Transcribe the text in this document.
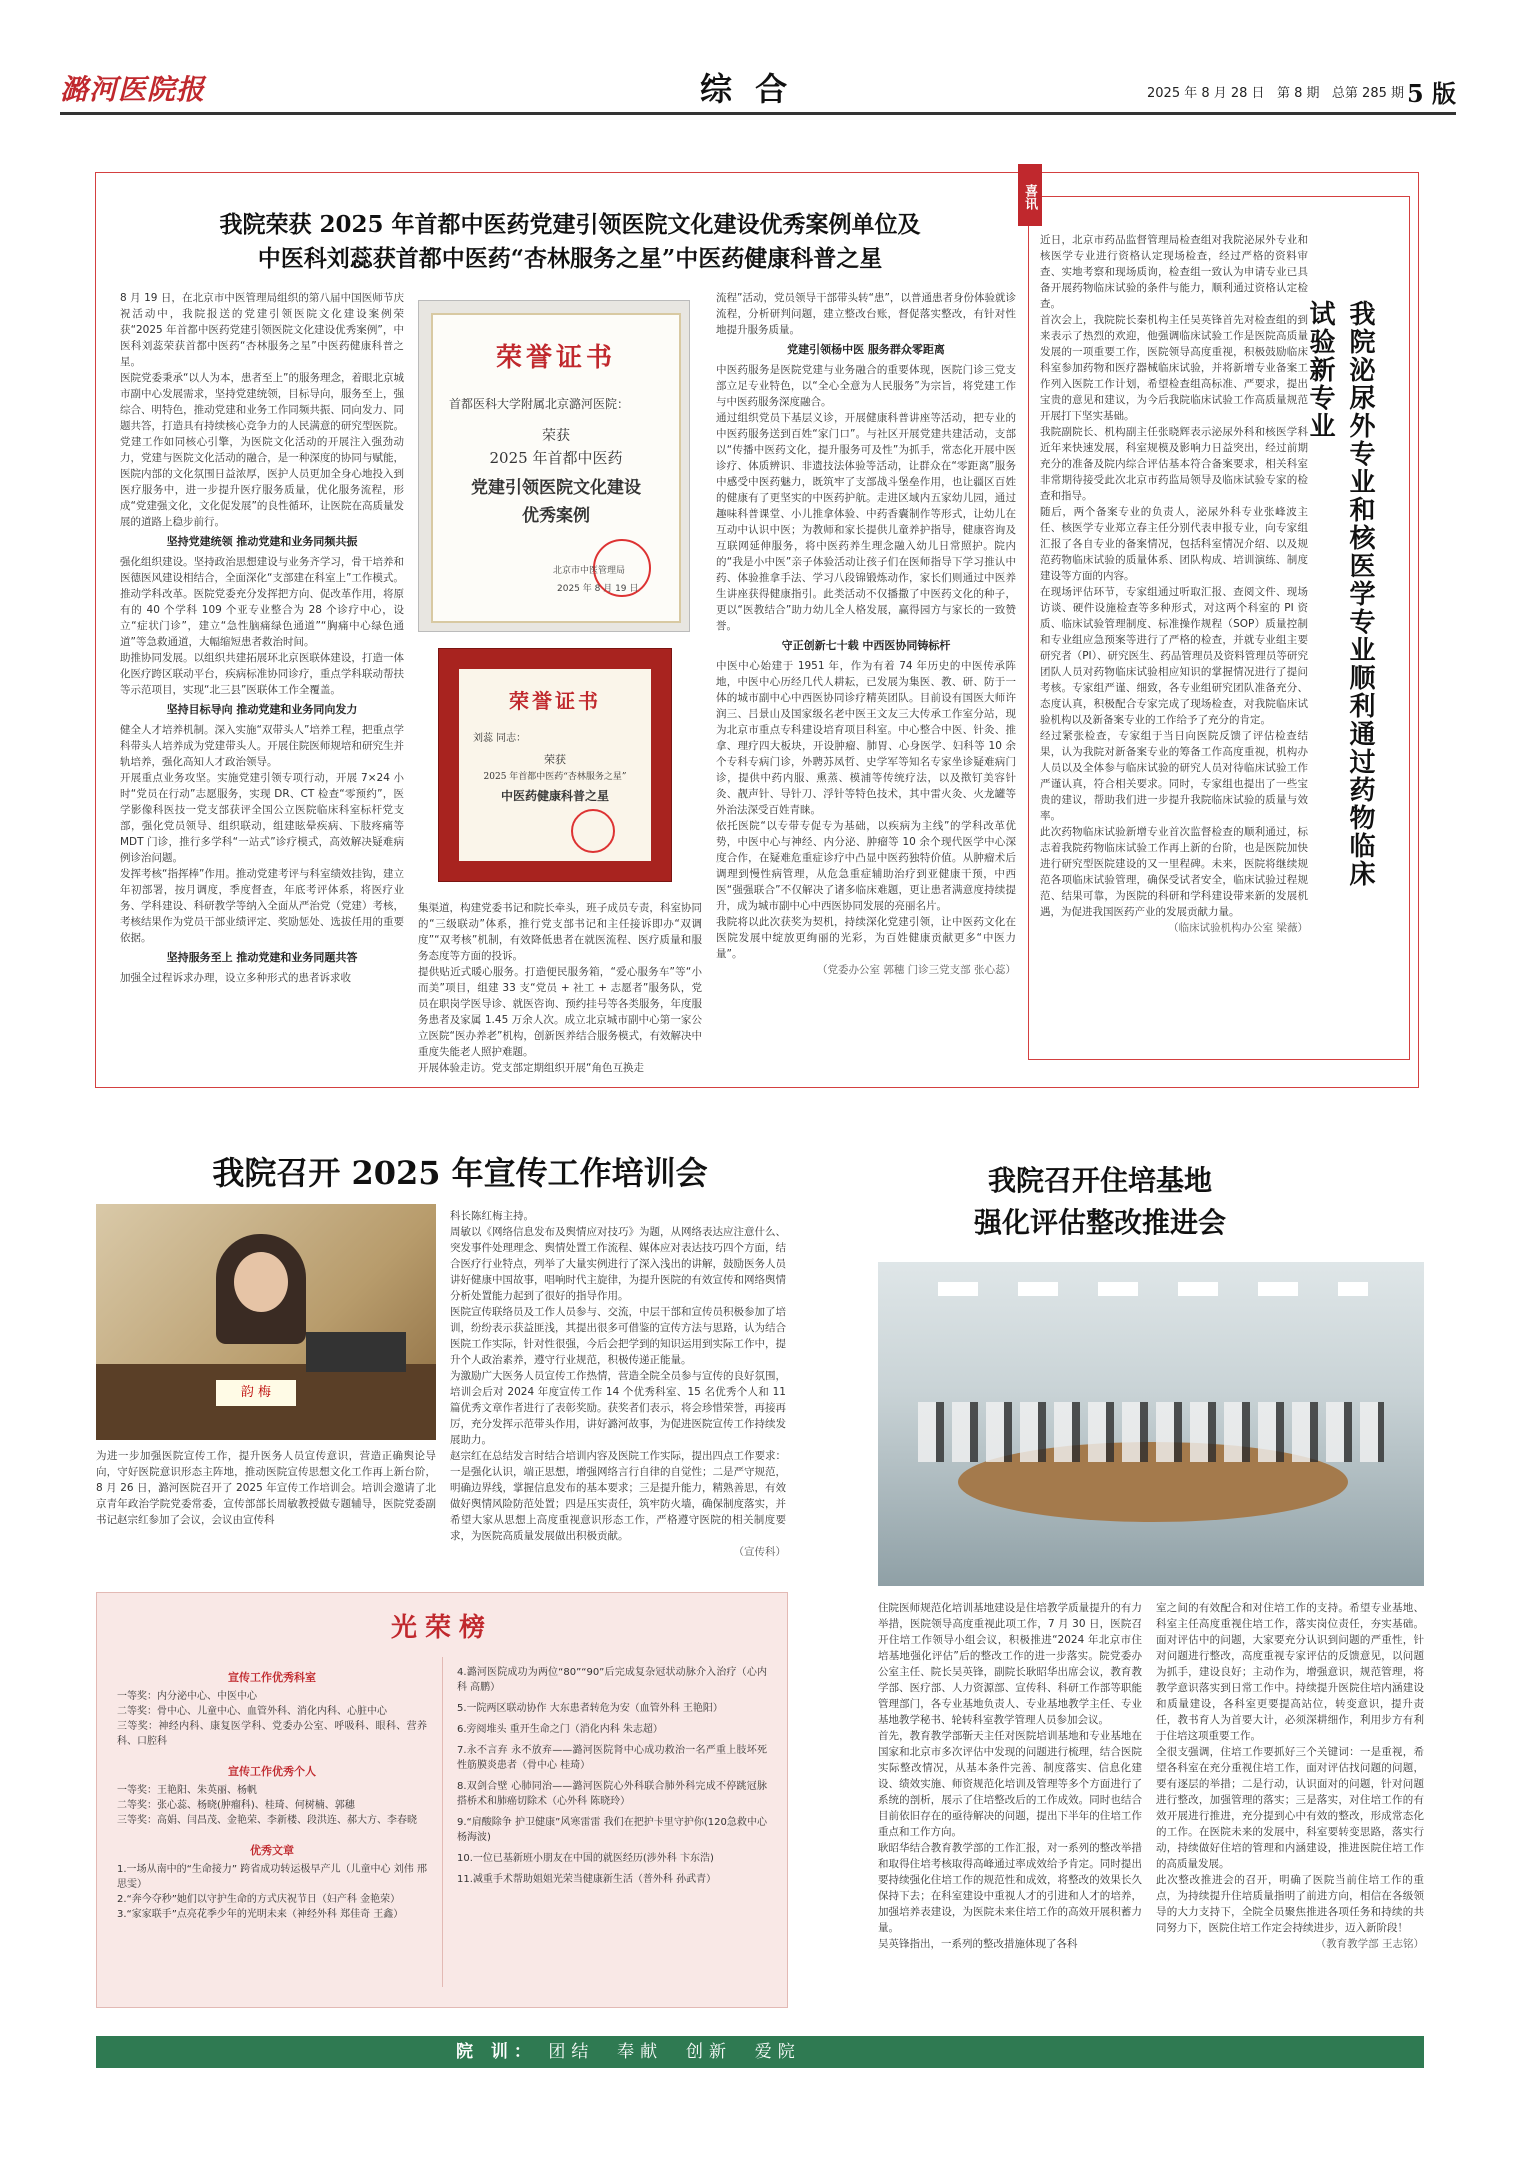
潞河医院报	综 合	2025 年 8 月 28 日 第 8 期 总第 285 期 5 版
我院荣获 2025 年首都中医药党建引领医院文化建设优秀案例单位及
中医科刘蕊获首都中医药“杏林服务之星”中医药健康科普之星
8 月 19 日，在北京市中医管理局组织的第八届中国医师节庆祝活动中，我院报送的党建引领医院文化建设案例荣获“2025 年首都中医药党建引领医院文化建设优秀案例”，中医科刘蕊荣获首都中医药“杏林服务之星”中医药健康科普之星。
医院党委秉承“以人为本，患者至上”的服务理念，着眼北京城市副中心发展需求，坚持党建统领，目标导向，服务至上，强综合、明特色，推动党建和业务工作同频共振、同向发力、同题共答，打造具有持续核心竞争力的人民满意的研究型医院。党建工作如同核心引擎，为医院文化活动的开展注入强劲动力，党建与医院文化活动的融合，是一种深度的协同与赋能，医院内部的文化氛围日益浓厚，医护人员更加全身心地投入到医疗服务中，进一步提升医疗服务质量，优化服务流程，形成“党建强文化，文化促发展”的良性循环，让医院在高质量发展的道路上稳步前行。
坚持党建统领 推动党建和业务同频共振
强化组织建设。坚持政治思想建设与业务齐学习，骨干培养和医德医风建设相结合，全面深化“支部建在科室上”工作模式。
推动学科改革。医院党委充分发挥把方向、促改革作用，将原有的 40 个学科 109 个亚专业整合为 28 个诊疗中心，设立“症状门诊”，建立“急性脑痛绿色通道”“胸痛中心绿色通道”等急救通道，大幅缩短患者救治时间。
助推协同发展。以组织共建拓展环北京医联体建设，打造一体化医疗跨区联动平台，疾病标准协同诊疗，重点学科联动帮扶等示范项目，实现“北三县”医联体工作全覆盖。
坚持目标导向 推动党建和业务同向发力
健全人才培养机制。深入实施“双带头人”培养工程，把重点学科带头人培养成为党建带头人。开展住院医师规培和研究生并轨培养，强化高知人才政治领导。
开展重点业务攻坚。实施党建引领专项行动，开展 7×24 小时“党员在行动”志愿服务，实现 DR、CT 检查“零预约”，医学影像科医技一党支部获评全国公立医院临床科室标杆党支部，强化党员领导、组织联动，组建眩晕疾病、下肢疼痛等 MDT 门诊，推行多学科“一站式”诊疗模式，高效解决疑难病例诊治问题。
发挥考核“指挥棒”作用。推动党建考评与科室绩效挂钩，建立年初部署，按月调度，季度督查，年底考评体系，将医疗业务、学科建设、科研教学等纳入全面从严治党（党建）考核，考核结果作为党员干部业绩评定、奖励惩处、选拔任用的重要依据。
坚持服务至上 推动党建和业务同题共答
加强全过程诉求办理，设立多种形式的患者诉求收
荣誉证书
首都医科大学附属北京潞河医院：
荣获
2025 年首都中医药
党建引领医院文化建设
优秀案例
北京市中医管理局
2025 年 8 月 19 日
荣誉证书
刘蕊 同志：
荣获
2025 年首都中医药“杏林服务之星”
中医药健康科普之星
集渠道，构建党委书记和院长牵头，班子成员专责，科室协同的“三级联动”体系，推行党支部书记和主任接诉即办“双调度”“双考核”机制，有效降低患者在就医流程、医疗质量和服务态度等方面的投诉。
提供贴近式暖心服务。打造便民服务箱，“爱心服务车”等“小而美”项目，组建 33 支“党员 + 社工 + 志愿者”服务队，党员在职岗学医导诊、就医咨询、预约挂号等各类服务，年度服务患者及家属 1.45 万余人次。成立北京城市副中心第一家公立医院“医办养老”机构，创新医养结合服务模式，有效解决中重度失能老人照护难题。
开展体验走访。党支部定期组织开展“角色互换走
流程”活动，党员领导干部带头转“患”，以普通患者身份体验就诊流程，分析研判问题，建立整改台账，督促落实整改，有针对性地提升服务质量。
党建引领杨中医 服务群众零距离
中医药服务是医院党建与业务融合的重要体现，医院门诊三党支部立足专业特色，以“全心全意为人民服务”为宗旨，将党建工作与中医药服务深度融合。
通过组织党员下基层义诊，开展健康科普讲座等活动，把专业的中医药服务送到百姓“家门口”。与社区开展党建共建活动，支部以“传播中医药文化，提升服务可及性”为抓手，常态化开展中医诊疗、体质辨识、非遗技法体验等活动，让群众在“零距离”服务中感受中医药魅力，既筑牢了支部战斗堡垒作用，也让疆区百姓的健康有了更坚实的中医药护航。走进区域内五家幼儿园，通过趣味科普课堂、小儿推拿体验、中药香囊制作等形式，让幼儿在互动中认识中医；为教师和家长提供儿童养护指导，健康咨询及互联网延伸服务，将中医药养生理念融入幼儿日常照护。院内的“我是小中医”亲子体验活动让孩子们在医师指导下学习推认中药、体验推拿手法、学习八段锦锻炼动作，家长们则通过中医养生讲座获得健康指引。此类活动不仅播撒了中医药文化的种子，更以“医教结合”助力幼儿全人格发展，赢得园方与家长的一致赞誉。
守正创新七十载 中西医协同铸标杆
中医中心始建于 1951 年，作为有着 74 年历史的中医传承阵地，中医中心历经几代人耕耘，已发展为集医、教、研、防于一体的城市副中心中西医协同诊疗精英团队。目前设有国医大师许润三、吕景山及国家级名老中医王文友三大传承工作室分站，现为北京市重点专科建设培育项目科室。中心整合中医、针灸、推拿、理疗四大板块，开设肿瘤、肺胃、心身医学、妇科等 10 余个专科专病门诊，外聘苏凤哲、史学军等知名专家坐诊疑难病门诊，提供中药内服、熏蒸、模浦等传统疗法，以及揿钉美容针灸、靓声针、导针刀、浮针等特色技术，其中雷火灸、火龙罐等外治法深受百姓青睐。
依托医院“以专带专促专为基础，以疾病为主线”的学科改革优势，中医中心与神经、内分泌、肿瘤等 10 余个现代医学中心深度合作，在疑难危重症诊疗中凸显中医药独特价值。从肿瘤术后调理到慢性病管理，从危急重症辅助治疗到亚健康干预，中西医“强强联合”不仅解决了诸多临床难题，更让患者满意度持续提升，成为城市副中心中西医协同发展的亮丽名片。
我院将以此次获奖为契机，持续深化党建引领，让中医药文化在医院发展中绽放更绚丽的光彩，为百姓健康贡献更多“中医力量”。
（党委办公室 郭穗 门诊三党支部 张心蕊）
喜讯
近日，北京市药品监督管理局检查组对我院泌尿外专业和核医学专业进行资格认定现场检查，经过严格的资料审查、实地考察和现场质询，检查组一致认为申请专业已具备开展药物临床试验的条件与能力，顺利通过资格认定检查。
首次会上，我院院长秦机构主任吴英锋首先对检查组的到来表示了热烈的欢迎，他强调临床试验工作是医院高质量发展的一项重要工作，医院领导高度重视，积极鼓励临床科室参加药物和医疗器械临床试验，并将新增专业备案工作列入医院工作计划，希望检查组高标准、严要求，提出宝贵的意见和建议，为今后我院临床试验工作高质量规范开展打下坚实基础。
我院副院长、机构副主任张晓辉表示泌尿外科和核医学科近年来快速发展，科室规模及影响力日益突出，经过前期充分的准备及院内综合评估基本符合备案要求，相关科室非常期待接受此次北京市药监局领导及临床试验专家的检查和指导。
随后，两个备案专业的负责人，泌尿外科专业张峰波主任、核医学专业郑立春主任分别代表申报专业，向专家组汇报了各自专业的备案情况，包括科室情况介绍、以及规范药物临床试验的质量体系、团队构成、培训演练、制度建设等方面的内容。
在现场评估环节，专家组通过听取汇报、查阅文件、现场访谈、硬件设施检查等多种形式，对这两个科室的 PI 资质、临床试验管理制度、标准操作规程（SOP）质量控制和专业组应急预案等进行了严格的检查，并就专业组主要研究者（PI）、研究医生、药品管理员及资料管理员等研究团队人员对药物临床试验相应知识的掌握情况进行了提问考核。专家组严谨、细致，各专业组研究团队准备充分、态度认真，积极配合专家完成了现场检查，对我院临床试验机构以及新备案专业的工作给予了充分的肯定。
经过紧张检查，专家组于当日向医院反馈了评估检查结果，认为我院对新备案专业的筹备工作高度重视，机构办人员以及全体参与临床试验的研究人员对待临床试验工作严谨认真，符合相关要求。同时，专家组也提出了一些宝贵的建议，帮助我们进一步提升我院临床试验的质量与效率。
此次药物临床试验新增专业首次监督检查的顺利通过，标志着我院药物临床试验工作再上新的台阶，也是医院加快进行研究型医院建设的又一里程碑。未来，医院将继续规范各项临床试验管理，确保受试者安全，临床试验过程规范、结果可靠，为医院的科研和学科建设带来新的发展机遇，为促进我国医药产业的发展贡献力量。
（临床试验机构办公室 梁薇）
我院泌尿外专业和核医学专业顺利通过药物临床试验新专业
我院召开 2025 年宣传工作培训会
韵 梅
为进一步加强医院宣传工作，提升医务人员宣传意识，营造正确舆论导向，守好医院意识形态主阵地，推动医院宣传思想文化工作再上新台阶，8 月 26 日，潞河医院召开了 2025 年宣传工作培训会。培训会邀请了北京青年政治学院党委常委，宣传部部长周敏教授做专题辅导，医院党委副书记赵宗红参加了会议，会议由宣传科
科长陈红梅主持。
周敏以《网络信息发布及舆情应对技巧》为题，从网络表达应注意什么、突发事件处理理念、舆情处置工作流程、媒体应对表达技巧四个方面，结合医疗行业特点，列举了大量实例进行了深入浅出的讲解，鼓励医务人员讲好健康中国故事，唱响时代主旋律，为提升医院的有效宣传和网络舆情分析处置能力起到了很好的指导作用。
医院宣传联络员及工作人员参与、交流，中层干部和宣传员积极参加了培训，纷纷表示获益匪浅，其提出很多可借鉴的宣传方法与思路，认为结合医院工作实际，针对性很强，今后会把学到的知识运用到实际工作中，提升个人政治素养，遵守行业规范，积极传递正能量。
为激励广大医务人员宣传工作热情，营造全院全员参与宣传的良好氛围，培训会后对 2024 年度宣传工作 14 个优秀科室、15 名优秀个人和 11 篇优秀文章作者进行了表彰奖励。获奖者们表示，将会珍惜荣誉，再接再厉，充分发挥示范带头作用，讲好潞河故事，为促进医院宣传工作持续发展助力。
赵宗红在总结发言时结合培训内容及医院工作实际，提出四点工作要求：一是强化认识，端正思想，增强网络言行自律的自觉性；二是严守规范，明确边界线，掌握信息发布的基本要求；三是提升能力，精熟善思，有效做好舆情风险防范处置；四是压实责任，筑牢防火墙，确保制度落实，并希望大家从思想上高度重视意识形态工作，严格遵守医院的相关制度要求，为医院高质量发展做出积极贡献。
（宣传科）
光荣榜
宣传工作优秀科室
一等奖：内分泌中心、中医中心
二等奖：骨中心、儿童中心、血管外科、消化内科、心脏中心
三等奖：神经内科、康复医学科、党委办公室、呼吸科、眼科、营养科、口腔科
宣传工作优秀个人
一等奖：王艳阳、朱英丽、杨帆
二等奖：张心蕊、杨晓(肿瘤科)、桂琦、何树楠、郭穗
三等奖：高娟、闫昌茂、金艳荣、李新楼、段洪连、郝大方、李春晓
优秀文章
1.一场从南中的“生命接力” 跨省成功转运极早产儿（儿童中心 刘伟 邢思雯）
2.“奔今夺秒”她们以守护生命的方式庆祝节日（妇产科 金艳荣）
3.“家家联手”点亮花季少年的光明未来（神经外科 郑佳奇 王鑫）
4.潞河医院成功为两位“80”“90”后完成复杂冠状动脉介入治疗（心内科 高鹏）
5.一院两区联动协作 大东患者转危为安（血管外科 王艳阳）
6.旁阅堆头 重开生命之门（消化内科 朱志超）
7.永不言弃 永不放弃——潞河医院肾中心成功救治一名严重上肢坏死性筋膜炎患者（骨中心 桂琦）
8.双剑合壁 心肺同治——潞河医院心外科联合肺外科完成不停跳冠脉搭桥术和肺癌切除术（心外科 陈晓玲）
9.“肩酸除争 护卫健康”风寒雷雷 我们在把护卡里守护你(120急救中心 杨海波)
10.一位已基新班小朋友在中国的就医经历(涉外科 卞东浩)
11.减重手术帮助姐姐光荣当健康新生活（普外科 孙武青）
我院召开住培基地
强化评估整改推进会
住院医师规范化培训基地建设是住培教学质量提升的有力举措，医院领导高度重视此项工作，7 月 30 日，医院召开住培工作领导小组会议，积极推进“2024 年北京市住培基地强化评估”后的整改工作的进一步落实。院党委办公室主任、院长吴英锋，副院长耿昭华出席会议，教育教学部、医疗部、人力资源部、宣传科、科研工作部等职能管理部门，各专业基地负责人、专业基地教学主任、专业基地教学秘书、轮转科室教学管理人员参加会议。
首先，教育教学部靳天主任对医院培训基地和专业基地在国家和北京市多次评估中发现的问题进行梳理，结合医院实际整改情况，从基本条件完善、制度落实、信息化建设、绩效实施、师资规范化培训及管理等多个方面进行了系统的剖析，展示了住培整改后的工作成效。同时也结合目前依旧存在的亟待解决的问题，提出下半年的住培工作重点和工作方向。
耿昭华结合教育教学部的工作汇报，对一系列的整改举措和取得住培考核取得高峰通过率成效给予肯定。同时提出要持续强化住培工作的规范性和成效，将整改的效果长久保持下去；在科室建设中重视人才的引进和人才的培养，加强培养表建设，为医院未来住培工作的高效开展积蓄力量。
吴英锋指出，一系列的整改措施体现了各科
室之间的有效配合和对住培工作的支持。希望专业基地、科室主任高度重视住培工作，落实岗位责任，夯实基础。面对评估中的问题，大家要充分认识到问题的严重性，针对问题进行整改，高度重视专家评估的反馈意见，以问题为抓手，建设良好；主动作为，增强意识，规范管理，将教学意识落实到日常工作中。持续提升医院住培内涵建设和质量建设，各科室更要提高站位，转变意识，提升责任，教书育人为首要大计，必须深耕细作，利用步方有利于住培这项重要工作。
全很支强调，住培工作要抓好三个关键词：一是重视，希望各科室在充分重视住培工作，面对评估找问题的问题，要有逐层的举措；二是行动，认识面对的问题，针对问题进行整改，加强管理的落实；三是落实，对住培工作的有效开展进行推进，充分提到心中有效的整改，形成常态化的工作。在医院未来的发展中，科室要转变思路，落实行动，持续做好住培的管理和内涵建设，推进医院住培工作的高质量发展。
此次整改推进会的召开，明确了医院当前住培工作的重点，为持续提升住培质量指明了前进方向，相信在各级领导的大力支持下，全院全员聚焦推进各项任务和持续的共同努力下，医院住培工作定会持续进步，迈入新阶段！
（教育教学部 王志铭）
院 训： 团结  奉献  创新  爱院
